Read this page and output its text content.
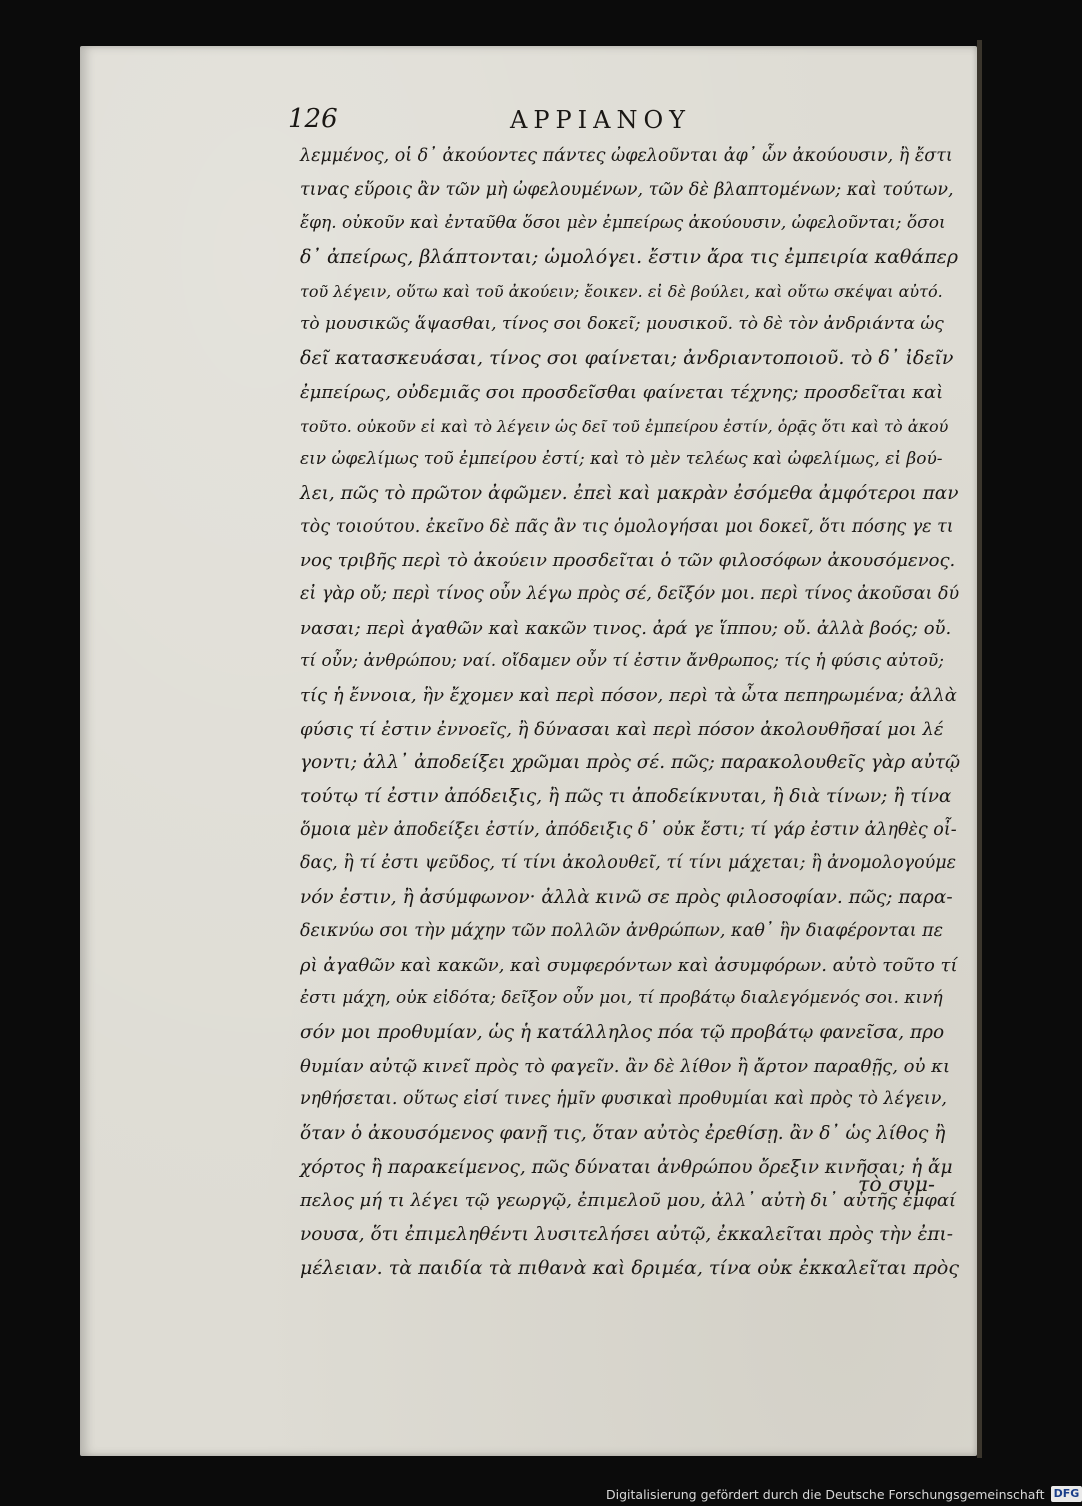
126	ΑΡΡΙΑΝΟΥ
λεμμένος, οἱ δ᾽ ἀκούοντες πάντες ὠφελοῦνται ἀφ᾽ ὧν ἀκούουσιν, ἢ ἔστι
τινας εὕροις ἂν τῶν μὴ ὠφελουμένων, τῶν δὲ βλαπτομένων; καὶ τούτων,
ἔφη. οὐκοῦν καὶ ἐνταῦθα ὅσοι μὲν ἐμπείρως ἀκούουσιν, ὠφελοῦνται; ὅσοι
δ᾽ ἀπείρως, βλάπτονται; ὡμολόγει. ἔστιν ἄρα τις ἐμπειρία καθάπερ
τοῦ λέγειν, οὕτω καὶ τοῦ ἀκούειν; ἔοικεν. εἰ δὲ βούλει, καὶ οὕτω σκέψαι αὐτό.
τὸ μουσικῶς ἅψασθαι, τίνος σοι δοκεῖ; μουσικοῦ. τὸ δὲ τὸν ἀνδριάντα ὡς
δεῖ κατασκευάσαι, τίνος σοι φαίνεται; ἀνδριαντοποιοῦ. τὸ δ᾽ ἰδεῖν
ἐμπείρως, οὐδεμιᾶς σοι προσδεῖσθαι φαίνεται τέχνης; προσδεῖται καὶ
τοῦτο. οὐκοῦν εἰ καὶ τὸ λέγειν ὡς δεῖ τοῦ ἐμπείρου ἐστίν, ὁρᾷς ὅτι καὶ τὸ ἀκού
ειν ὠφελίμως τοῦ ἐμπείρου ἐστί; καὶ τὸ μὲν τελέως καὶ ὠφελίμως, εἰ βού-
λει, πῶς τὸ πρῶτον ἀφῶμεν. ἐπεὶ καὶ μακρὰν ἐσόμεθα ἀμφότεροι παν
τὸς τοιούτου. ἐκεῖνο δὲ πᾶς ἂν τις ὁμολογήσαι μοι δοκεῖ, ὅτι πόσης γε τι
νος τριβῆς περὶ τὸ ἀκούειν προσδεῖται ὁ τῶν φιλοσόφων ἀκουσόμενος.
εἰ γὰρ οὔ; περὶ τίνος οὖν λέγω πρὸς σέ, δεῖξόν μοι. περὶ τίνος ἀκοῦσαι δύ
νασαι; περὶ ἀγαθῶν καὶ κακῶν τινος. ἀρά γε ἵππου; οὔ. ἀλλὰ βοός; οὔ.
τί οὖν; ἀνθρώπου; ναί. οἴδαμεν οὖν τί ἐστιν ἄνθρωπος; τίς ἡ φύσις αὐτοῦ;
τίς ἡ ἔννοια, ἣν ἔχομεν καὶ περὶ πόσον, περὶ τὰ ὦτα πεπηρωμένα; ἀλλὰ
φύσις τί ἐστιν ἐννοεῖς, ἢ δύνασαι καὶ περὶ πόσον ἀκολουθῆσαί μοι λέ
γοντι; ἀλλ᾽ ἀποδείξει χρῶμαι πρὸς σέ. πῶς; παρακολουθεῖς γὰρ αὐτῷ
τούτῳ τί ἐστιν ἀπόδειξις, ἢ πῶς τι ἀποδείκνυται, ἢ διὰ τίνων; ἢ τίνα
ὅμοια μὲν ἀποδείξει ἐστίν, ἀπόδειξις δ᾽ οὐκ ἔστι; τί γάρ ἐστιν ἀληθὲς οἶ-
δας, ἢ τί ἐστι ψεῦδος, τί τίνι ἀκολουθεῖ, τί τίνι μάχεται; ἢ ἀνομολογούμε
νόν ἐστιν, ἢ ἀσύμφωνον· ἀλλὰ κινῶ σε πρὸς φιλοσοφίαν. πῶς; παρα-
δεικνύω σοι τὴν μάχην τῶν πολλῶν ἀνθρώπων, καθ᾽ ἣν διαφέρονται πε
ρὶ ἀγαθῶν καὶ κακῶν, καὶ συμφερόντων καὶ ἀσυμφόρων. αὐτὸ τοῦτο τί
ἐστι μάχη, οὐκ εἰδότα; δεῖξον οὖν μοι, τί προβάτῳ διαλεγόμενός σοι. κινή
σόν μοι προθυμίαν, ὡς ἡ κατάλληλος πόα τῷ προβάτῳ φανεῖσα, προ
θυμίαν αὐτῷ κινεῖ πρὸς τὸ φαγεῖν. ἂν δὲ λίθον ἢ ἄρτον παραθῇς, οὐ κι
νηθήσεται. οὕτως εἰσί τινες ἡμῖν φυσικαὶ προθυμίαι καὶ πρὸς τὸ λέγειν,
ὅταν ὁ ἀκουσόμενος φανῇ τις, ὅταν αὐτὸς ἐρεθίσῃ. ἂν δ᾽ ὡς λίθος ἢ
χόρτος ἢ παρακείμενος, πῶς δύναται ἀνθρώπου ὄρεξιν κινῆσαι; ἡ ἄμ
πελος μή τι λέγει τῷ γεωργῷ, ἐπιμελοῦ μου, ἀλλ᾽ αὐτὴ δι᾽ αὑτῆς ἐμφαί
νουσα, ὅτι ἐπιμεληθέντι λυσιτελήσει αὐτῷ, ἐκκαλεῖται πρὸς τὴν ἐπι-
μέλειαν. τὰ παιδία τὰ πιθανὰ καὶ δριμέα, τίνα οὐκ ἐκκαλεῖται πρὸς
τὸ συμ-
Digitalisierung gefördert durch die Deutsche Forschungsgemeinschaft DFG
